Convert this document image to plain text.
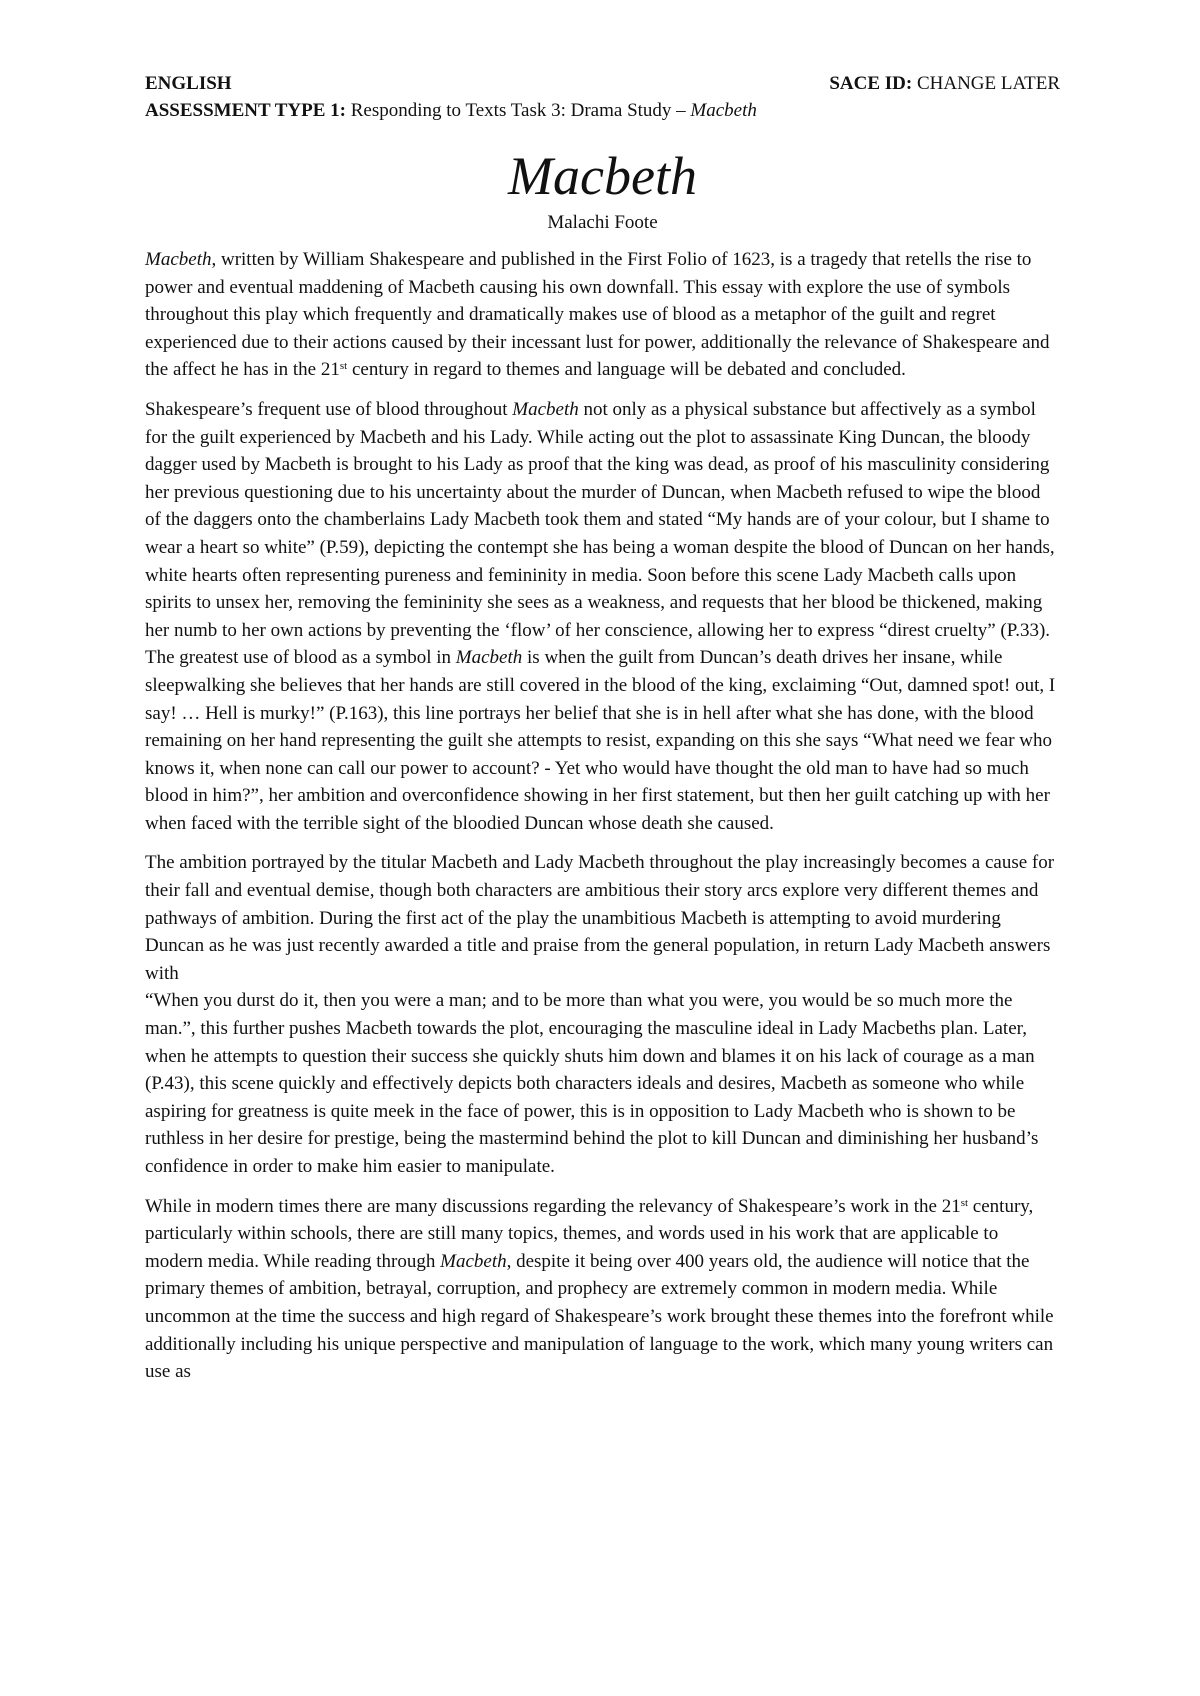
ENGLISH	SACE ID: CHANGE LATER
ASSESSMENT TYPE 1: Responding to Texts Task 3: Drama Study – Macbeth
Macbeth
Malachi Foote

Macbeth, written by William Shakespeare and published in the First Folio of 1623, is a tragedy that retells the rise to power and eventual maddening of Macbeth causing his own downfall. This essay with explore the use of symbols throughout this play which frequently and dramatically makes use of blood as a metaphor of the guilt and regret experienced due to their actions caused by their incessant lust for power, additionally the relevance of Shakespeare and the affect he has in the 21st century in regard to themes and language will be debated and concluded.

Shakespeare’s frequent use of blood throughout Macbeth not only as a physical substance but affectively as a symbol for the guilt experienced by Macbeth and his Lady. While acting out the plot to assassinate King Duncan, the bloody dagger used by Macbeth is brought to his Lady as proof that the king was dead, as proof of his masculinity considering her previous questioning due to his uncertainty about the murder of Duncan, when Macbeth refused to wipe the blood of the daggers onto the chamberlains Lady Macbeth took them and stated “My hands are of your colour, but I shame to wear a heart so white” (P.59), depicting the contempt she has being a woman despite the blood of Duncan on her hands, white hearts often representing pureness and femininity in media. Soon before this scene Lady Macbeth calls upon spirits to unsex her, removing the femininity she sees as a weakness, and requests that her blood be thickened, making her numb to her own actions by preventing the ‘flow’ of her conscience, allowing her to express “direst cruelty” (P.33). The greatest use of blood as a symbol in Macbeth is when the guilt from Duncan’s death drives her insane, while sleepwalking she believes that her hands are still covered in the blood of the king, exclaiming “Out, damned spot! out, I say! … Hell is murky!” (P.163), this line portrays her belief that she is in hell after what she has done, with the blood remaining on her hand representing the guilt she attempts to resist, expanding on this she says “What need we fear who knows it, when none can call our power to account? - Yet who would have thought the old man to have had so much blood in him?”, her ambition and overconfidence showing in her first statement, but then her guilt catching up with her when faced with the terrible sight of the bloodied Duncan whose death she caused.

The ambition portrayed by the titular Macbeth and Lady Macbeth throughout the play increasingly becomes a cause for their fall and eventual demise, though both characters are ambitious their story arcs explore very different themes and pathways of ambition. During the first act of the play the unambitious Macbeth is attempting to avoid murdering Duncan as he was just recently awarded a title and praise from the general population, in return Lady Macbeth answers with
“When you durst do it, then you were a man; and to be more than what you were, you would be so much more the man.”, this further pushes Macbeth towards the plot, encouraging the masculine ideal in Lady Macbeths plan. Later, when he attempts to question their success she quickly shuts him down and blames it on his lack of courage as a man (P.43), this scene quickly and effectively depicts both characters ideals and desires, Macbeth as someone who while aspiring for greatness is quite meek in the face of power, this is in opposition to Lady Macbeth who is shown to be ruthless in her desire for prestige, being the mastermind behind the plot to kill Duncan and diminishing her husband’s confidence in order to make him easier to manipulate.

While in modern times there are many discussions regarding the relevancy of Shakespeare’s work in the 21st century, particularly within schools, there are still many topics, themes, and words used in his work that are applicable to modern media. While reading through Macbeth, despite it being over 400 years old, the audience will notice that the primary themes of ambition, betrayal, corruption, and prophecy are extremely common in modern media. While uncommon at the time the success and high regard of Shakespeare’s work brought these themes into the forefront while additionally including his unique perspective and manipulation of language to the work, which many young writers can use as
